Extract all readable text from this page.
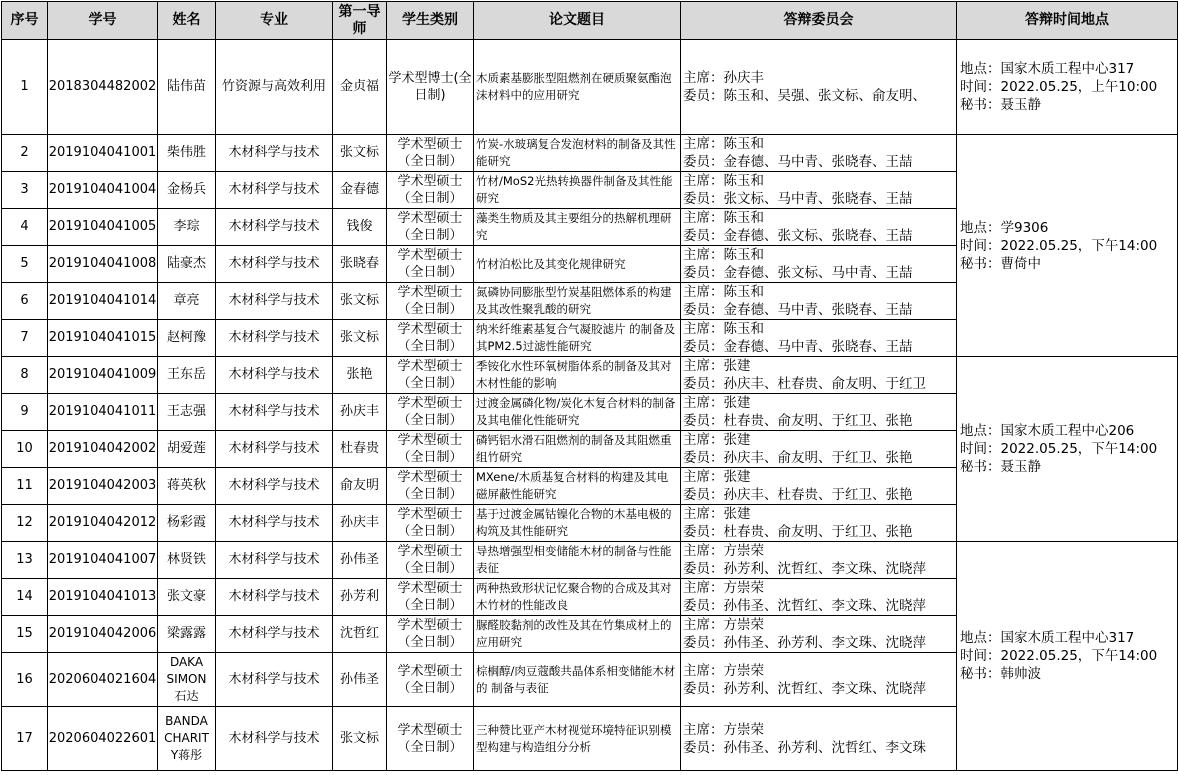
序号	学号	姓名	专业	第一导师	学生类别	论文题目	答辩委员会	答辩时间地点
1	2018304482002	陆伟苗	竹资源与高效利用	金贞福	学术型博士(全日制)	木质素基膨胀型阻燃剂在硬质聚氨酯泡沫材料中的应用研究	主席：孙庆丰
委员：陈玉和、吴强、张文标、俞友明、	地点：国家木质工程中心317
时间：2022.05.25，上午10:00
秘书：聂玉静

2	2019104041001	柴伟胜	木材科学与技术	张文标	学术型硕士（全日制）	竹炭-水玻璃复合发泡材料的制备及其性能研究	主席：陈玉和
委员：金春德、马中青、张晓春、王喆	地点：学9306
时间：2022.05.25，下午14:00
秘书：曹倚中

3	2019104041004	金杨兵	木材科学与技术	金春德	学术型硕士（全日制）	竹材/MoS2光热转换器件制备及其性能研究	主席：陈玉和
委员：张文标、马中青、张晓春、王喆	

4	2019104041005	李琮	木材科学与技术	钱俊	学术型硕士（全日制）	藻类生物质及其主要组分的热解机理研究	主席：陈玉和
委员：金春德、张文标、张晓春、王喆	

5	2019104041008	陆豪杰	木材科学与技术	张晓春	学术型硕士（全日制）	竹材泊松比及其变化规律研究	主席：陈玉和
委员：金春德、张文标、马中青、王喆	

6	2019104041014	章亮	木材科学与技术	张文标	学术型硕士（全日制）	氮磷协同膨胀型竹炭基阻燃体系的构建及其改性聚乳酸的研究	主席：陈玉和
委员：金春德、马中青、张晓春、王喆	

7	2019104041015	赵柯豫	木材科学与技术	张文标	学术型硕士（全日制）	纳米纤维素基复合气凝胶滤片 的制备及其PM2.5过滤性能研究	主席：陈玉和
委员：金春德、马中青、张晓春、王喆	

8	2019104041009	王东岳	木材科学与技术	张艳	学术型硕士（全日制）	季铵化水性环氧树脂体系的制备及其对木材性能的影响	主席：张建
委员：孙庆丰、杜春贵、俞友明、于红卫	地点：国家木质工程中心206
时间：2022.05.25，下午14:00
秘书：聂玉静

9	2019104041011	王志强	木材科学与技术	孙庆丰	学术型硕士（全日制）	过渡金属磷化物/炭化木复合材料的制备及其电催化性能研究	主席：张建
委员：杜春贵、俞友明、于红卫、张艳	

10	2019104042002	胡爱莲	木材科学与技术	杜春贵	学术型硕士（全日制）	磷钙铝水滑石阻燃剂的制备及其阻燃重组竹研究	主席：张建
委员：孙庆丰、俞友明、于红卫、张艳	

11	2019104042003	蒋英秋	木材科学与技术	俞友明	学术型硕士（全日制）	MXene/木质基复合材料的构建及其电磁屏蔽性能研究	主席：张建
委员：孙庆丰、杜春贵、于红卫、张艳	

12	2019104042012	杨彩霞	木材科学与技术	孙庆丰	学术型硕士（全日制）	基于过渡金属钴镍化合物的木基电极的构筑及其性能研究	主席：张建
委员：杜春贵、俞友明、于红卫、张艳	

13	2019104041007	林贤铁	木材科学与技术	孙伟圣	学术型硕士（全日制）	导热增强型相变储能木材的制备与性能表征	主席：方崇荣
委员：孙芳利、沈哲红、李文珠、沈晓萍	地点：国家木质工程中心317
时间：2022.05.25，下午14:00
秘书：韩帅波

14	2019104041013	张文豪	木材科学与技术	孙芳利	学术型硕士（全日制）	两种热致形状记忆聚合物的合成及其对木竹材的性能改良	主席：方崇荣
委员：孙伟圣、沈哲红、李文珠、沈晓萍	

15	2019104042006	梁露露	木材科学与技术	沈哲红	学术型硕士（全日制）	脲醛胶黏剂的改性及其在竹集成材上的应用研究	主席：方崇荣
委员：孙伟圣、孙芳利、李文珠、沈晓萍	

16	2020604021604	DAKA
SIMON
石达	木材科学与技术	孙伟圣	学术型硕士（全日制）	棕榈醇/肉豆蔻酸共晶体系相变储能木材的 制备与表征	主席：方崇荣
委员：孙芳利、沈哲红、李文珠、沈晓萍	

17	2020604022601	BANDA
CHARIT
Y蒋彤	木材科学与技术	张文标	学术型硕士（全日制）	三种赞比亚产木材视觉环境特征识别模型构建与构造组分分析	主席：方崇荣
委员：孙伟圣、孙芳利、沈哲红、李文珠	
